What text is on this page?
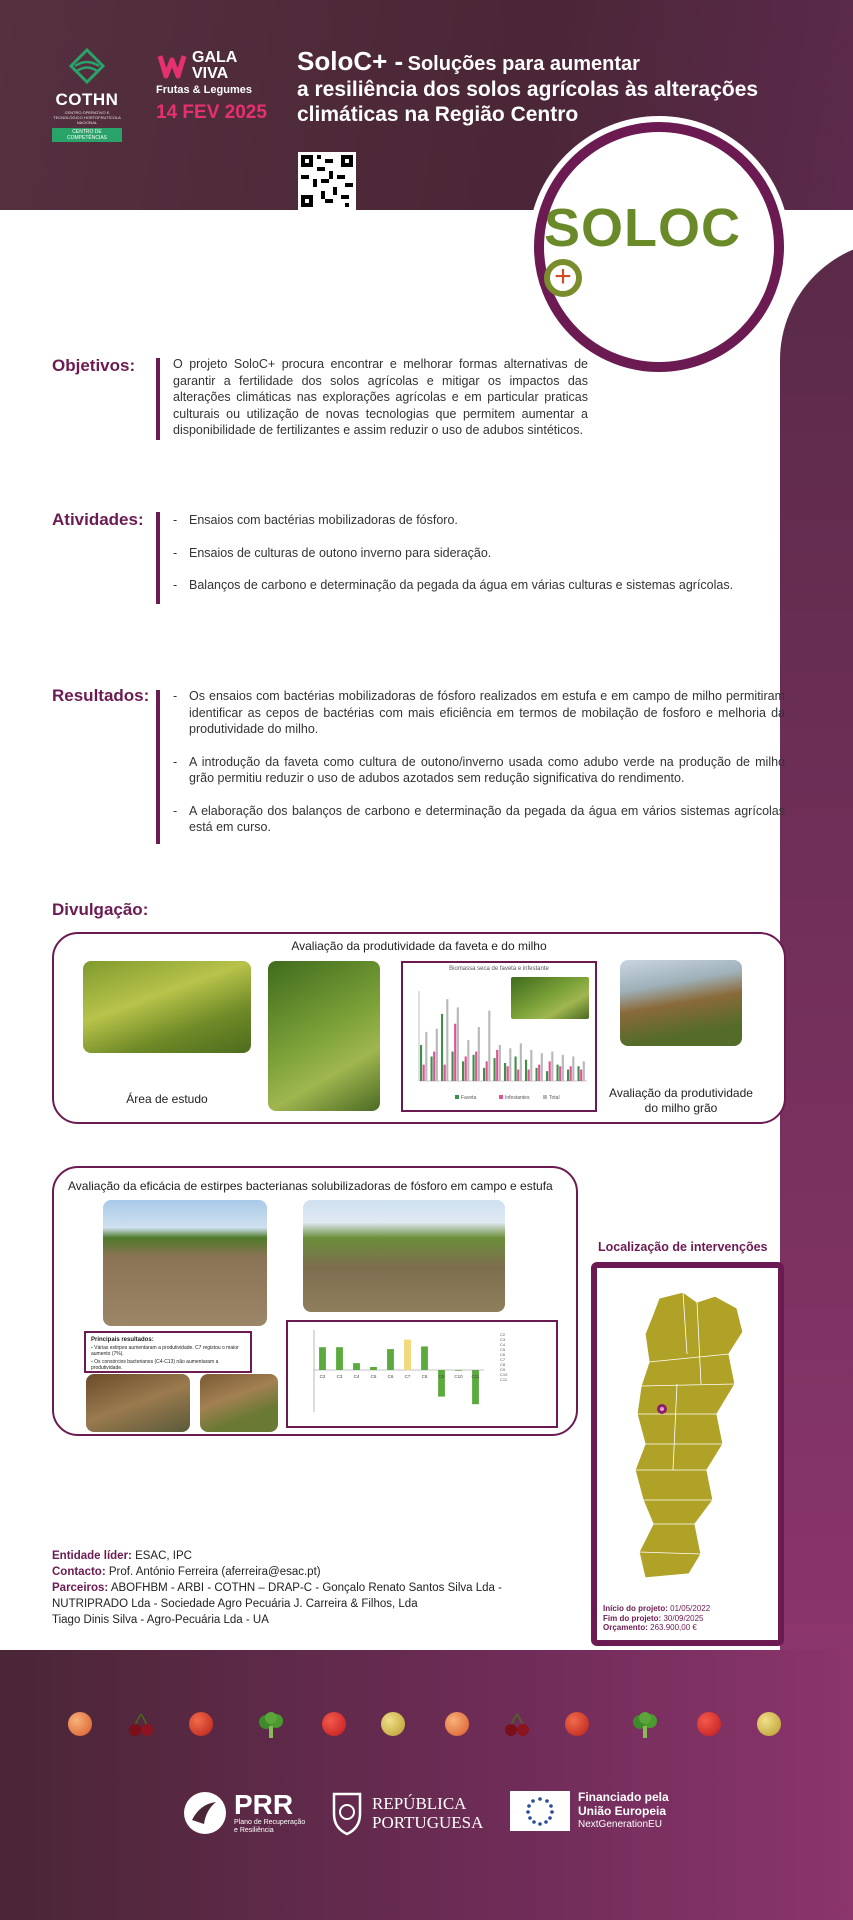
COTHN
CENTRO OPERATIVO E TECNOLÓGICO HORTOFRUTÍCOLA NACIONAL
CENTRO DE COMPETÊNCIAS
GALA
VIVA
Frutas & Legumes
14 FEV 2025
SoloC+ - Soluções para aumentar
a resiliência dos solos agrícolas às alterações
climáticas na Região Centro
SOLOC+
Objetivos:	O projeto SoloC+ procura encontrar e melhorar formas alternativas de garantir a fertilidade dos solos agrícolas e mitigar os impactos das alterações climáticas nas explorações agrícolas e em particular praticas culturais ou utilização de novas tecnologias que permitem aumentar a disponibilidade de fertilizantes e assim reduzir o uso de adubos sintéticos.
Atividades:	- Ensaios com bactérias mobilizadoras de fósforo.
- Ensaios de culturas de outono inverno para sideração.
- Balanços de carbono e determinação da pegada da água em várias culturas e sistemas agrícolas.
Resultados:	- Os ensaios com bactérias mobilizadoras de fósforo realizados em estufa e em campo de milho permitiram identificar as cepos de bactérias com mais eficiência em termos de mobilação de fosforo e melhoria da produtividade do milho.
- A introdução da faveta como cultura de outono/inverno usada como adubo verde na produção de milho grão permitiu reduzir o uso de adubos azotados sem redução significativa do rendimento.
- A elaboração dos balanços de carbono e determinação da pegada da água em vários sistemas agrícolas está em curso.
Divulgação:
Avaliação da produtividade da faveta e do milho
Área de estudo
Biomassa seca de faveta e infestante
Faveta	Infestantes	Total	Avaliação da produtividade
do milho grão
Avaliação da eficácia de estirpes bacterianas solubilizadoras de fósforo em campo e estufa
Principais resultados:
▪ Várias estirpes aumentaram a produtividade. C7 registou o maior aumento (7%).
▪ Os consórcios bacterianos (C4-C13) não aumentaram a produtividade.
C2 C3 C4 C5 C6 C7 C8 C9 C10 C11
C2
C3
C4
C5
C6
C7
C8
C9
C10
C11
Localização de intervenções
Início do projeto: 01/05/2022
Fim do projeto: 30/09/2025
Orçamento: 263.900,00 €
Entidade líder: ESAC, IPC
Contacto: Prof. António Ferreira (aferreira@esac.pt)
Parceiros: ABOFHBM - ARBI - COTHN – DRAP-C - Gonçalo Renato Santos Silva Lda -
NUTRIPRADO Lda - Sociedade Agro Pecuária J. Carreira & Filhos, Lda
Tiago Dinis Silva - Agro-Pecuária Lda - UA
PRR
Plano de Recuperação
e Resiliência
REPÚBLICA
PORTUGUESA
Financiado pela
União Europeia
NextGenerationEU
